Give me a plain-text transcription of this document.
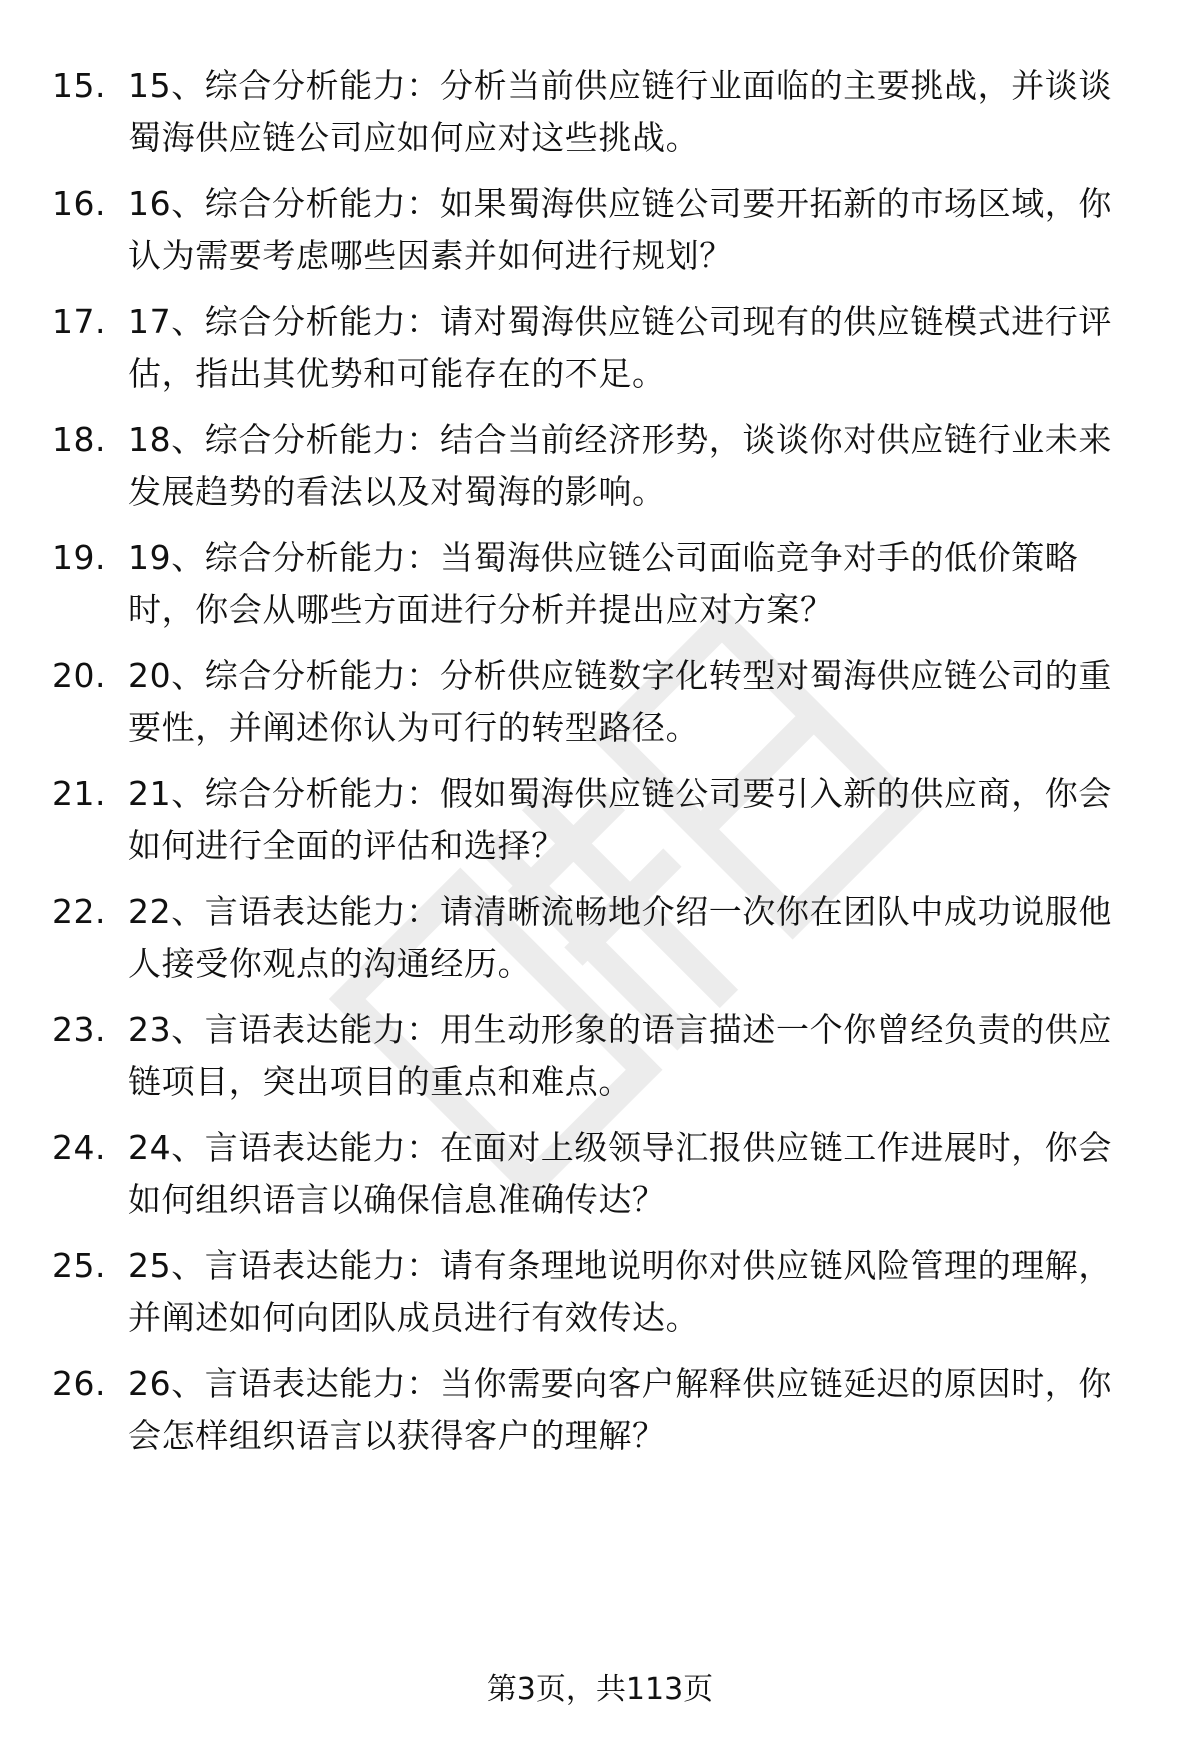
15. 15、综合分析能力：分析当前供应链行业面临的主要挑战，并谈谈蜀海供应链公司应如何应对这些挑战。
16. 16、综合分析能力：如果蜀海供应链公司要开拓新的市场区域，你认为需要考虑哪些因素并如何进行规划？
17. 17、综合分析能力：请对蜀海供应链公司现有的供应链模式进行评估，指出其优势和可能存在的不足。
18. 18、综合分析能力：结合当前经济形势，谈谈你对供应链行业未来发展趋势的看法以及对蜀海的影响。
19. 19、综合分析能力：当蜀海供应链公司面临竞争对手的低价策略时，你会从哪些方面进行分析并提出应对方案？
20. 20、综合分析能力：分析供应链数字化转型对蜀海供应链公司的重要性，并阐述你认为可行的转型路径。
21. 21、综合分析能力：假如蜀海供应链公司要引入新的供应商，你会如何进行全面的评估和选择？
22. 22、言语表达能力：请清晰流畅地介绍一次你在团队中成功说服他人接受你观点的沟通经历。
23. 23、言语表达能力：用生动形象的语言描述一个你曾经负责的供应链项目，突出项目的重点和难点。
24. 24、言语表达能力：在面对上级领导汇报供应链工作进展时，你会如何组织语言以确保信息准确传达？
25. 25、言语表达能力：请有条理地说明你对供应链风险管理的理解，并阐述如何向团队成员进行有效传达。
26. 26、言语表达能力：当你需要向客户解释供应链延迟的原因时，你会怎样组织语言以获得客户的理解？
第3页，共113页
